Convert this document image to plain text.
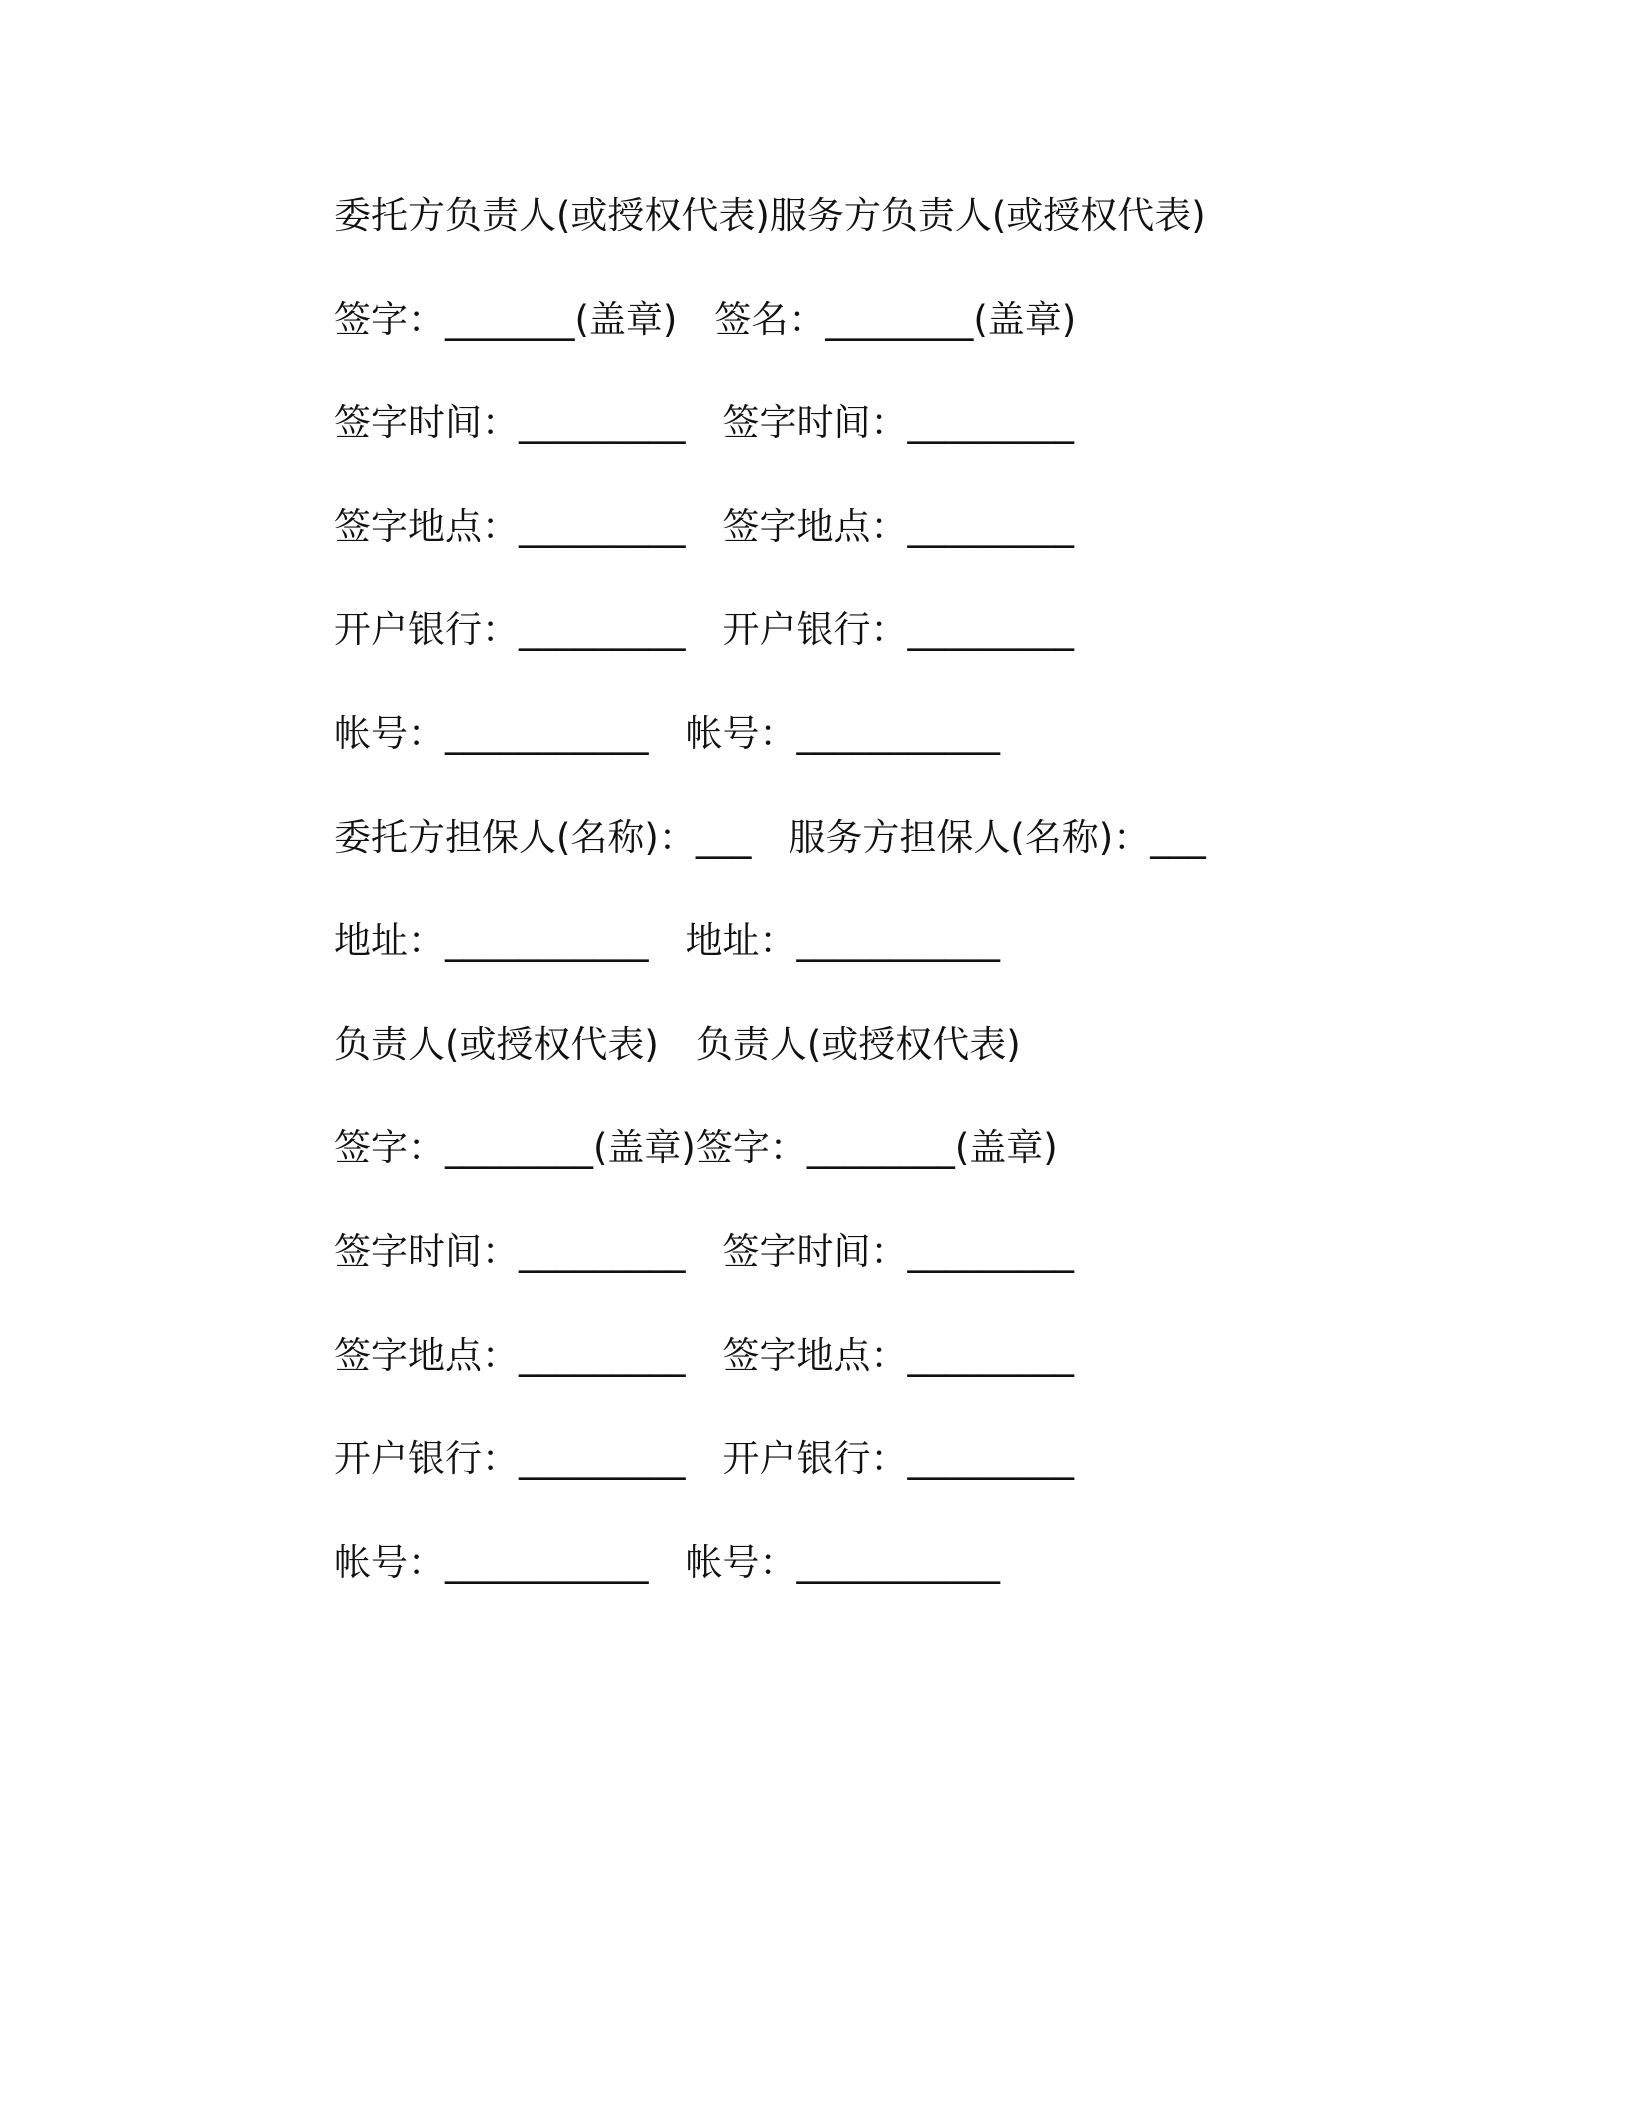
委托方负责人(或授权代表)服务方负责人(或授权代表)
签字：_______(盖章)　签名：________(盖章)
签字时间：_________　签字时间：_________
签字地点：_________　签字地点：_________
开户银行：_________　开户银行：_________
帐号：___________　帐号：___________
委托方担保人(名称)：___　服务方担保人(名称)：___
地址：___________　地址：___________
负责人(或授权代表)　负责人(或授权代表)
签字：________(盖章)签字：________(盖章)
签字时间：_________　签字时间：_________
签字地点：_________　签字地点：_________
开户银行：_________　开户银行：_________
帐号：___________　帐号：___________
